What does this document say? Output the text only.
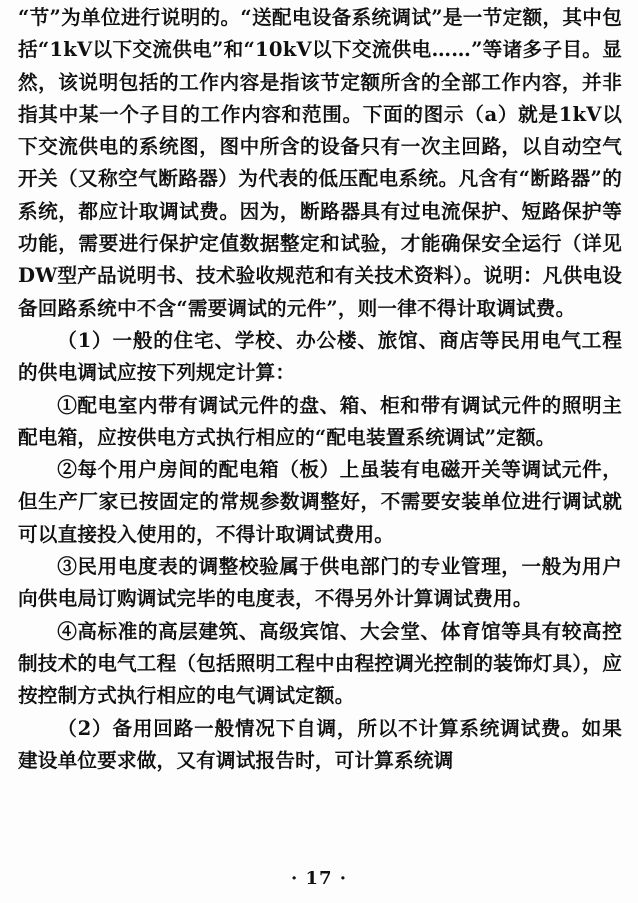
“节”为单位进行说明的。“送配电设备系统调试”是一节定额，其中包括“1kV以下交流供电”和“10kV以下交流供电……”等诸多子目。显然，该说明包括的工作内容是指该节定额所含的全部工作内容，并非指其中某一个子目的工作内容和范围。下面的图示（a）就是1kV以下交流供电的系统图，图中所含的设备只有一次主回路，以自动空气开关（又称空气断路器）为代表的低压配电系统。凡含有“断路器”的系统，都应计取调试费。因为，断路器具有过电流保护、短路保护等功能，需要进行保护定值数据整定和试验，才能确保安全运行（详见DW型产品说明书、技术验收规范和有关技术资料）。说明：凡供电设备回路系统中不含“需要调试的元件”，则一律不得计取调试费。

（1）一般的住宅、学校、办公楼、旅馆、商店等民用电气工程的供电调试应按下列规定计算：

①配电室内带有调试元件的盘、箱、柜和带有调试元件的照明主配电箱，应按供电方式执行相应的“配电装置系统调试”定额。

②每个用户房间的配电箱（板）上虽装有电磁开关等调试元件，但生产厂家已按固定的常规参数调整好，不需要安装单位进行调试就可以直接投入使用的，不得计取调试费用。

③民用电度表的调整校验属于供电部门的专业管理，一般为用户向供电局订购调试完毕的电度表，不得另外计算调试费用。

④高标准的高层建筑、高级宾馆、大会堂、体育馆等具有较高控制技术的电气工程（包括照明工程中由程控调光控制的装饰灯具），应按控制方式执行相应的电气调试定额。

（2）备用回路一般情况下自调，所以不计算系统调试费。如果建设单位要求做，又有调试报告时，可计算系统调

· 17 ·
